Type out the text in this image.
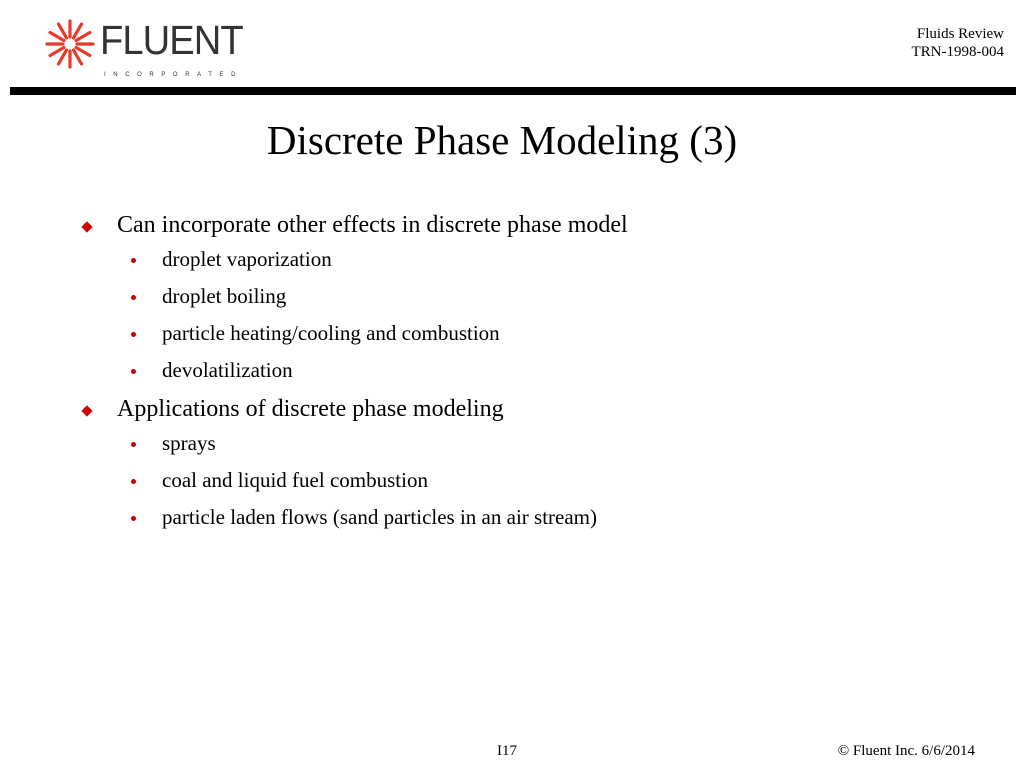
FLUENT
INCORPORATED
Fluids Review
TRN-1998-004
Discrete Phase Modeling (3)
Can incorporate other effects in discrete phase model
droplet vaporization
droplet boiling
particle heating/cooling and combustion
devolatilization
Applications of discrete phase modeling
sprays
coal and liquid fuel combustion
particle laden flows (sand particles in an air stream)
I17	© Fluent Inc. 6/6/2014
